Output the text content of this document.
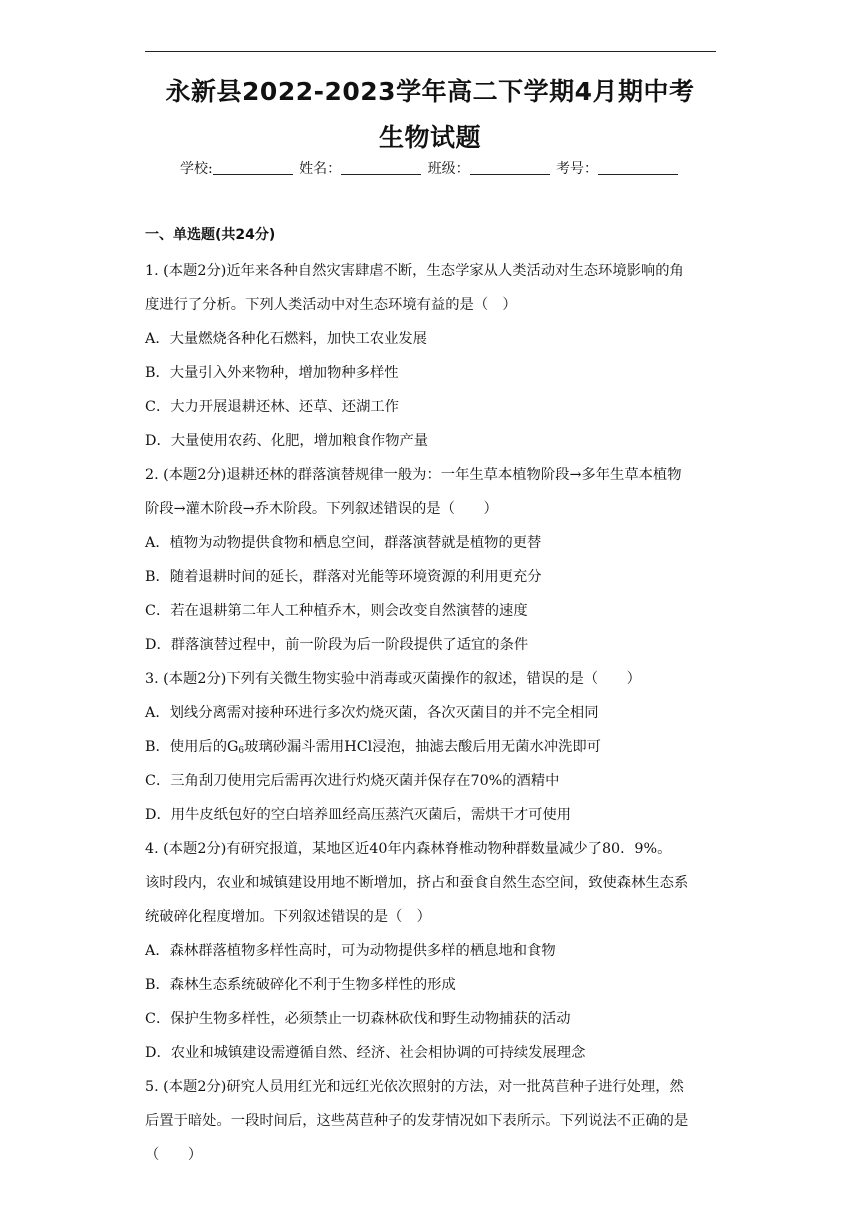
永新县2022-2023学年高二下学期4月期中考
生物试题
学校:	姓名：	班级：	考号：
一、单选题(共24分)

1. (本题2分)近年来各种自然灾害肆虐不断，生态学家从人类活动对生态环境影响的角

度进行了分析。下列人类活动中对生态环境有益的是（　）

A．大量燃烧各种化石燃料，加快工农业发展

B．大量引入外来物种，增加物种多样性

C．大力开展退耕还林、还草、还湖工作

D．大量使用农药、化肥，增加粮食作物产量

2. (本题2分)退耕还林的群落演替规律一般为：一年生草本植物阶段→多年生草本植物

阶段→灌木阶段→乔木阶段。下列叙述错误的是（　　）

A．植物为动物提供食物和栖息空间，群落演替就是植物的更替

B．随着退耕时间的延长，群落对光能等环境资源的利用更充分

C．若在退耕第二年人工种植乔木，则会改变自然演替的速度

D．群落演替过程中，前一阶段为后一阶段提供了适宜的条件

3. (本题2分)下列有关微生物实验中消毒或灭菌操作的叙述，错误的是（　　）

A．划线分离需对接种环进行多次灼烧灭菌，各次灭菌目的并不完全相同

B．使用后的$G_6$玻璃砂漏斗需用HCl浸泡，抽滤去酸后用无菌水冲洗即可

C．三角刮刀使用完后需再次进行灼烧灭菌并保存在70%的酒精中

D．用牛皮纸包好的空白培养皿经高压蒸汽灭菌后，需烘干才可使用

4. (本题2分)有研究报道，某地区近40年内森林脊椎动物种群数量减少了80．9%。

该时段内，农业和城镇建设用地不断增加，挤占和蚕食自然生态空间，致使森林生态系

统破碎化程度增加。下列叙述错误的是（　）

A．森林群落植物多样性高时，可为动物提供多样的栖息地和食物

B．森林生态系统破碎化不利于生物多样性的形成

C．保护生物多样性，必须禁止一切森林砍伐和野生动物捕获的活动

D．农业和城镇建设需遵循自然、经济、社会相协调的可持续发展理念

5. (本题2分)研究人员用红光和远红光依次照射的方法，对一批莴苣种子进行处理，然

后置于暗处。一段时间后，这些莴苣种子的发芽情况如下表所示。下列说法不正确的是

（　　）
